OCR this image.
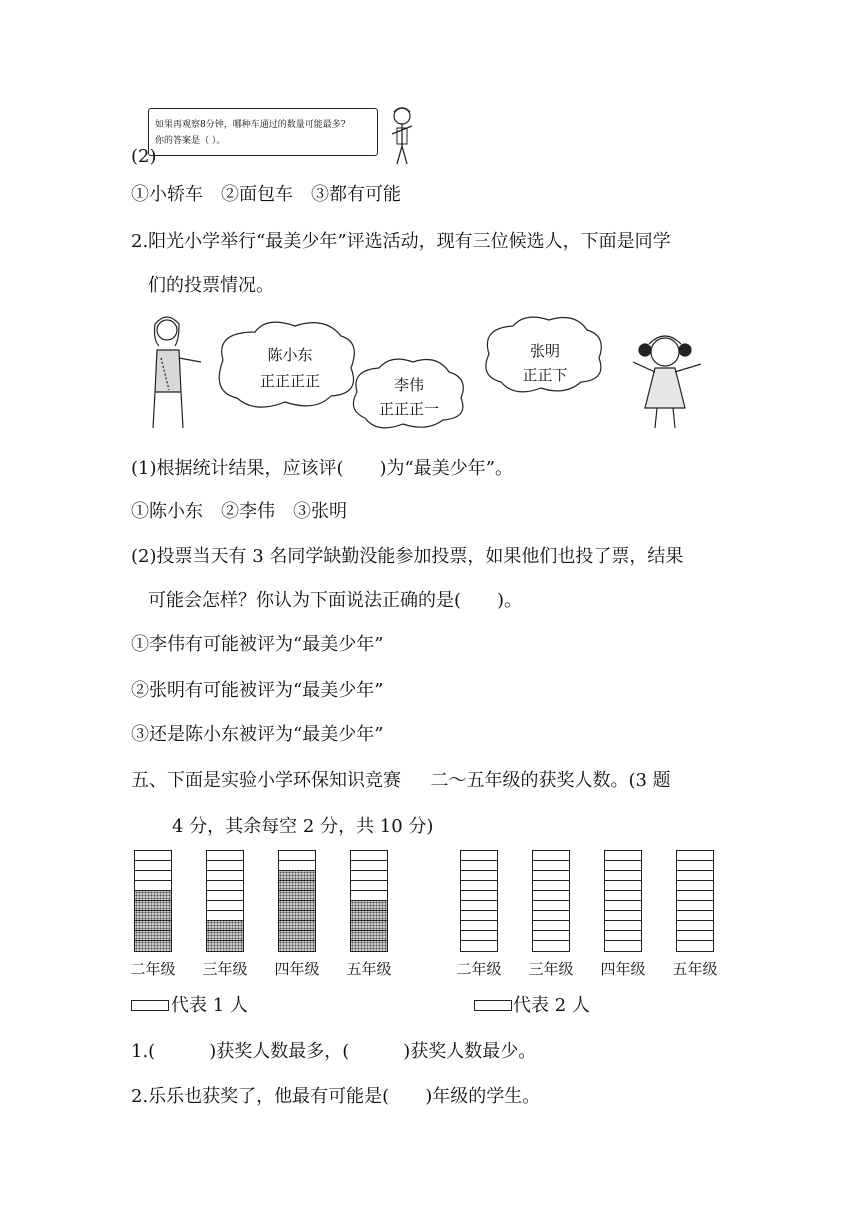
如果再观察8分钟，哪种车通过的数量可能最多?
你的答案是（ ）。
(2)
①小轿车　②面包车　③都有可能
2.阳光小学举行“最美少年”评选活动，现有三位候选人，下面是同学
们的投票情况。
陈小东
正正正正	李伟
正正正一
张明
正正下
(1)根据统计结果，应该评(　　)为“最美少年”。
①陈小东　②李伟　③张明
(2)投票当天有 3 名同学缺勤没能参加投票，如果他们也投了票，结果
可能会怎样？你认为下面说法正确的是(　　)。
①李伟有可能被评为“最美少年”
②张明有可能被评为“最美少年”
③还是陈小东被评为“最美少年”
五、下面是实验小学环保知识竞赛　  二～五年级的获奖人数。(3 题
4 分，其余每空 2 分，共 10 分)
二年级	三年级	四年级	五年级	二年级	三年级	四年级	五年级
代表 1 人	代表 2 人
1.(　　　)获奖人数最多，(　　　)获奖人数最少。
2.乐乐也获奖了，他最有可能是(　　)年级的学生。
